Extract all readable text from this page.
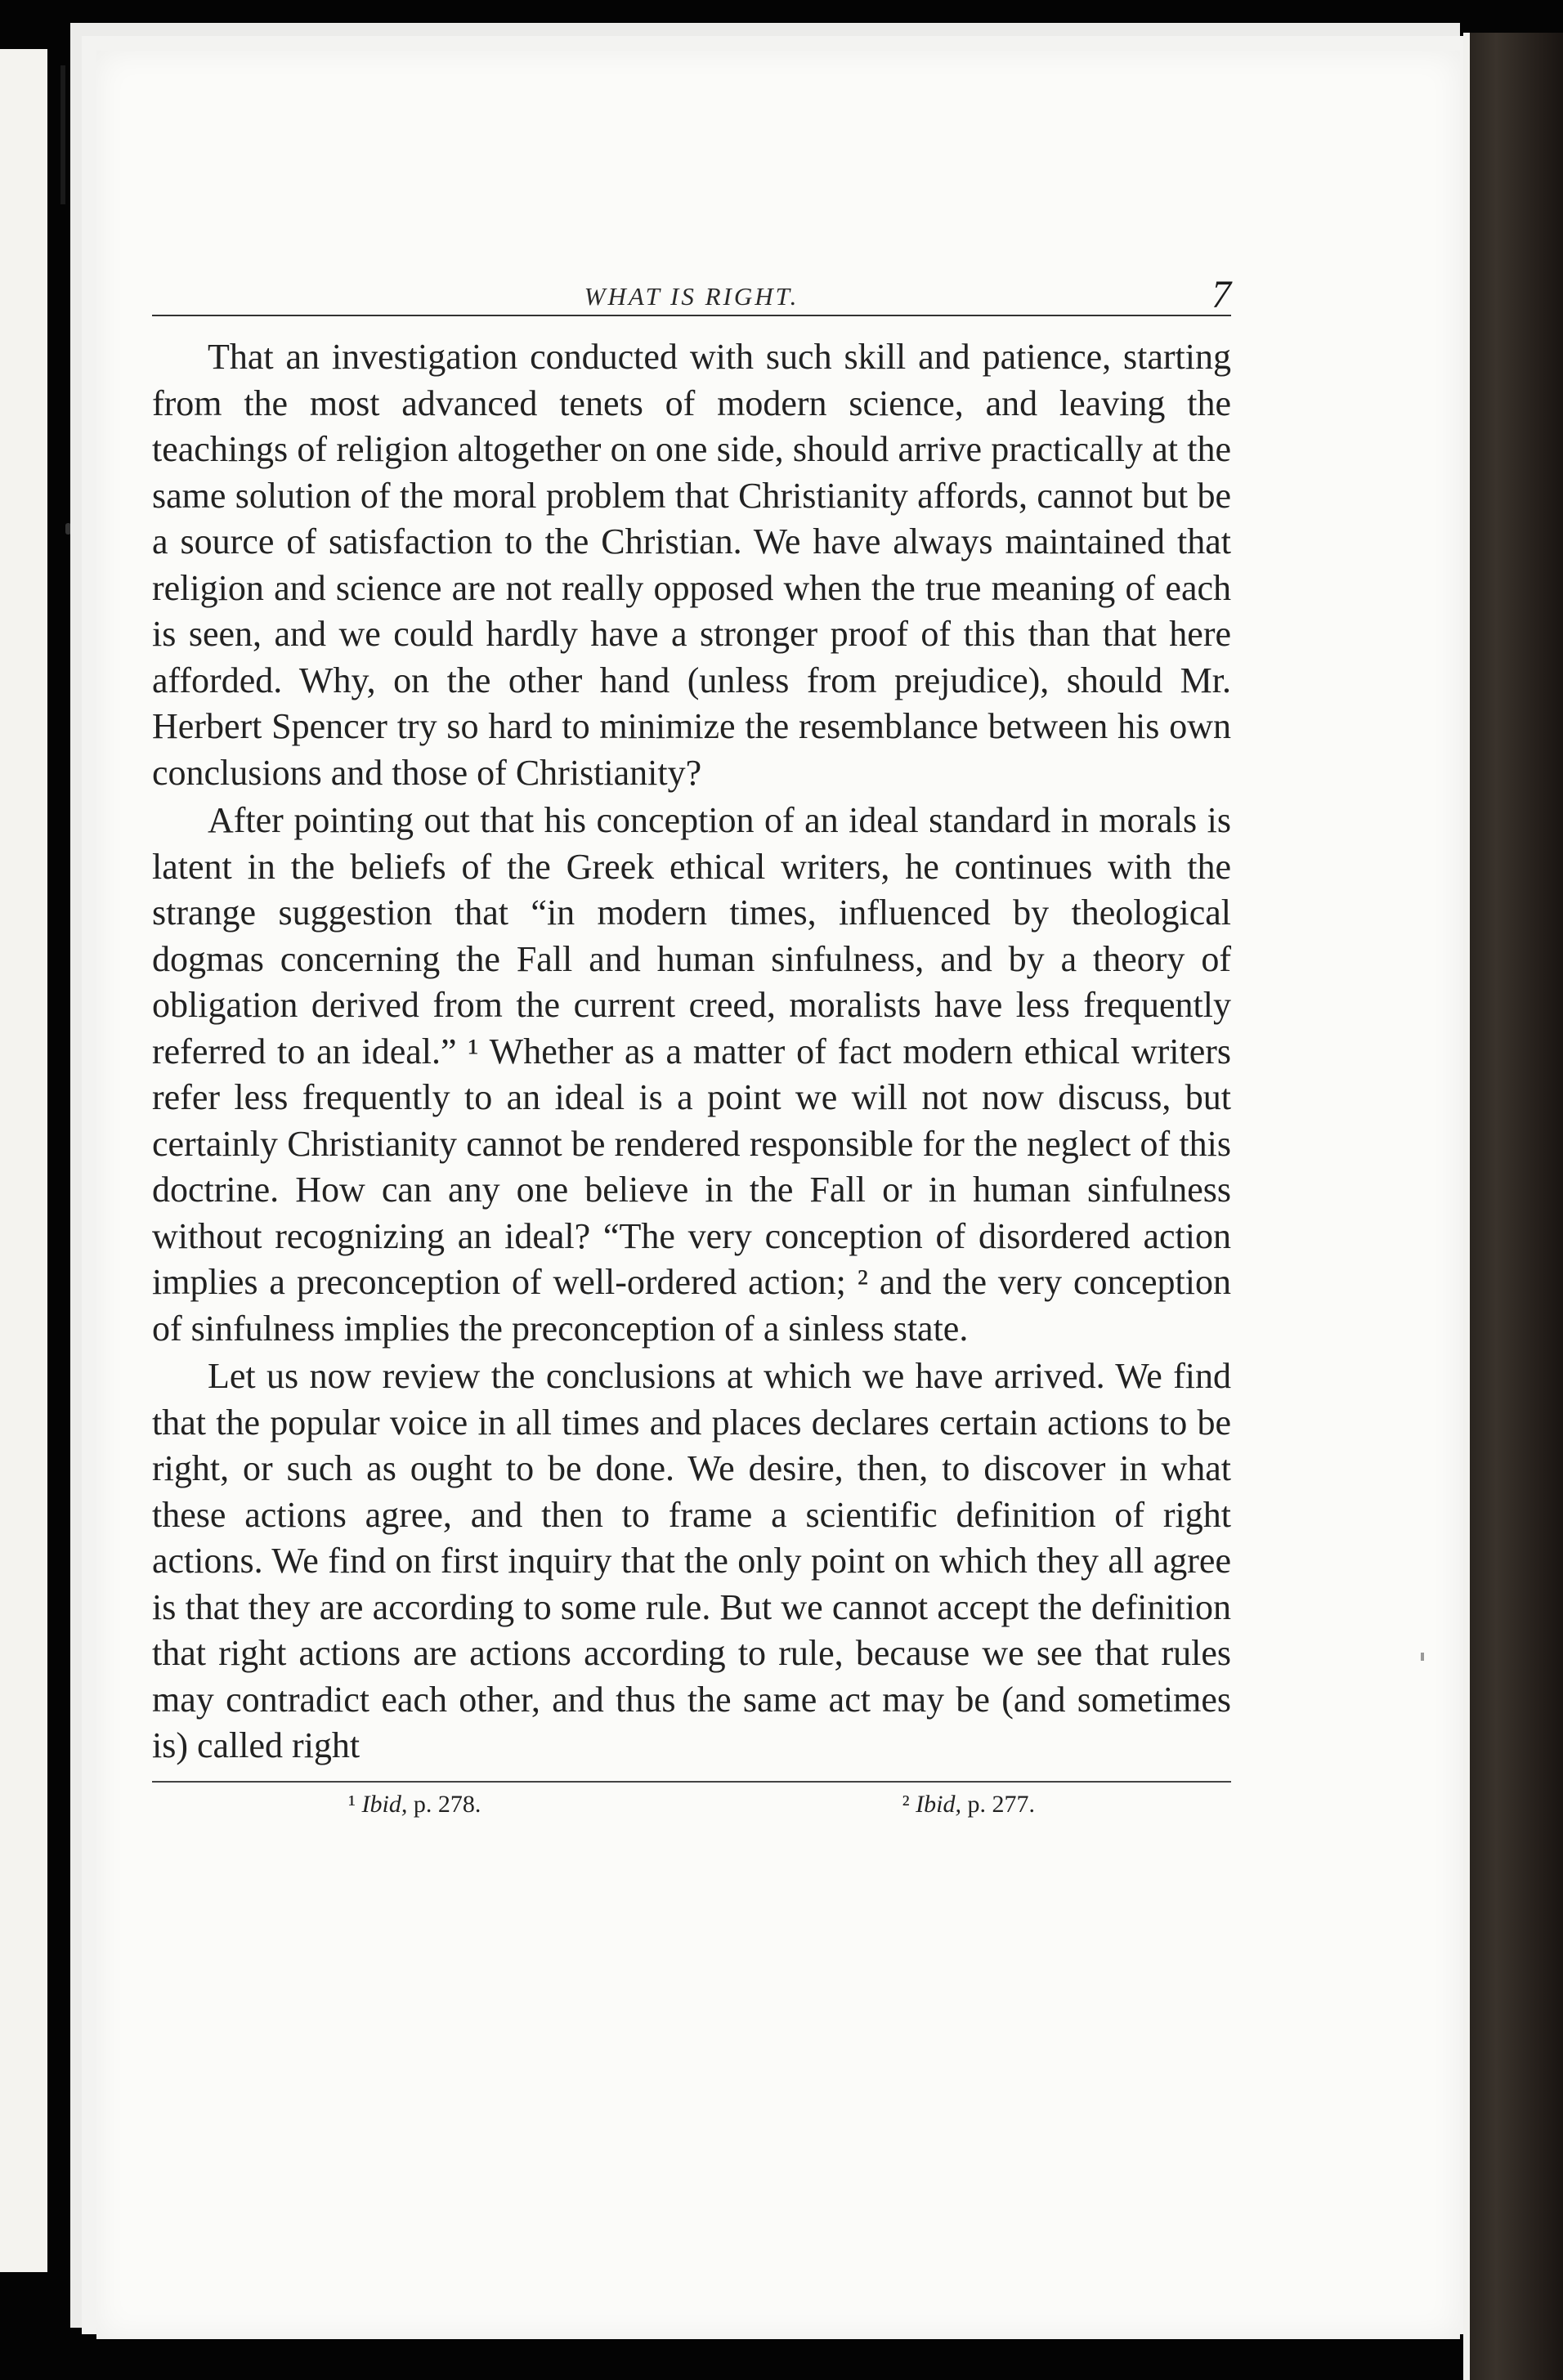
WHAT IS RIGHT.	7

That an investigation conducted with such skill and patience, starting from the most advanced tenets of modern science, and leaving the teachings of religion altogether on one side, should arrive practically at the same solution of the moral problem that Christianity affords, cannot but be a source of satisfaction to the Christian. We have always maintained that religion and science are not really opposed when the true meaning of each is seen, and we could hardly have a stronger proof of this than that here afforded. Why, on the other hand (unless from prejudice), should Mr. Herbert Spencer try so hard to minimize the resemblance between his own conclusions and those of Christianity?

After pointing out that his conception of an ideal standard in morals is latent in the beliefs of the Greek ethical writers, he continues with the strange suggestion that “in modern times, influenced by theological dogmas concerning the Fall and human sinfulness, and by a theory of obligation derived from the current creed, moralists have less frequently referred to an ideal.” ¹ Whether as a matter of fact modern ethical writers refer less frequently to an ideal is a point we will not now discuss, but certainly Christianity cannot be rendered responsible for the neglect of this doctrine. How can any one believe in the Fall or in human sinfulness without recognizing an ideal? “The very conception of disordered action implies a preconception of well-ordered action; ² and the very conception of sinfulness implies the preconception of a sinless state.

Let us now review the conclusions at which we have arrived. We find that the popular voice in all times and places declares certain actions to be right, or such as ought to be done. We desire, then, to discover in what these actions agree, and then to frame a scientific definition of right actions. We find on first inquiry that the only point on which they all agree is that they are according to some rule. But we cannot accept the definition that right actions are actions according to rule, because we see that rules may contradict each other, and thus the same act may be (and sometimes is) called right

¹ Ibid, p. 278.	² Ibid, p. 277.
